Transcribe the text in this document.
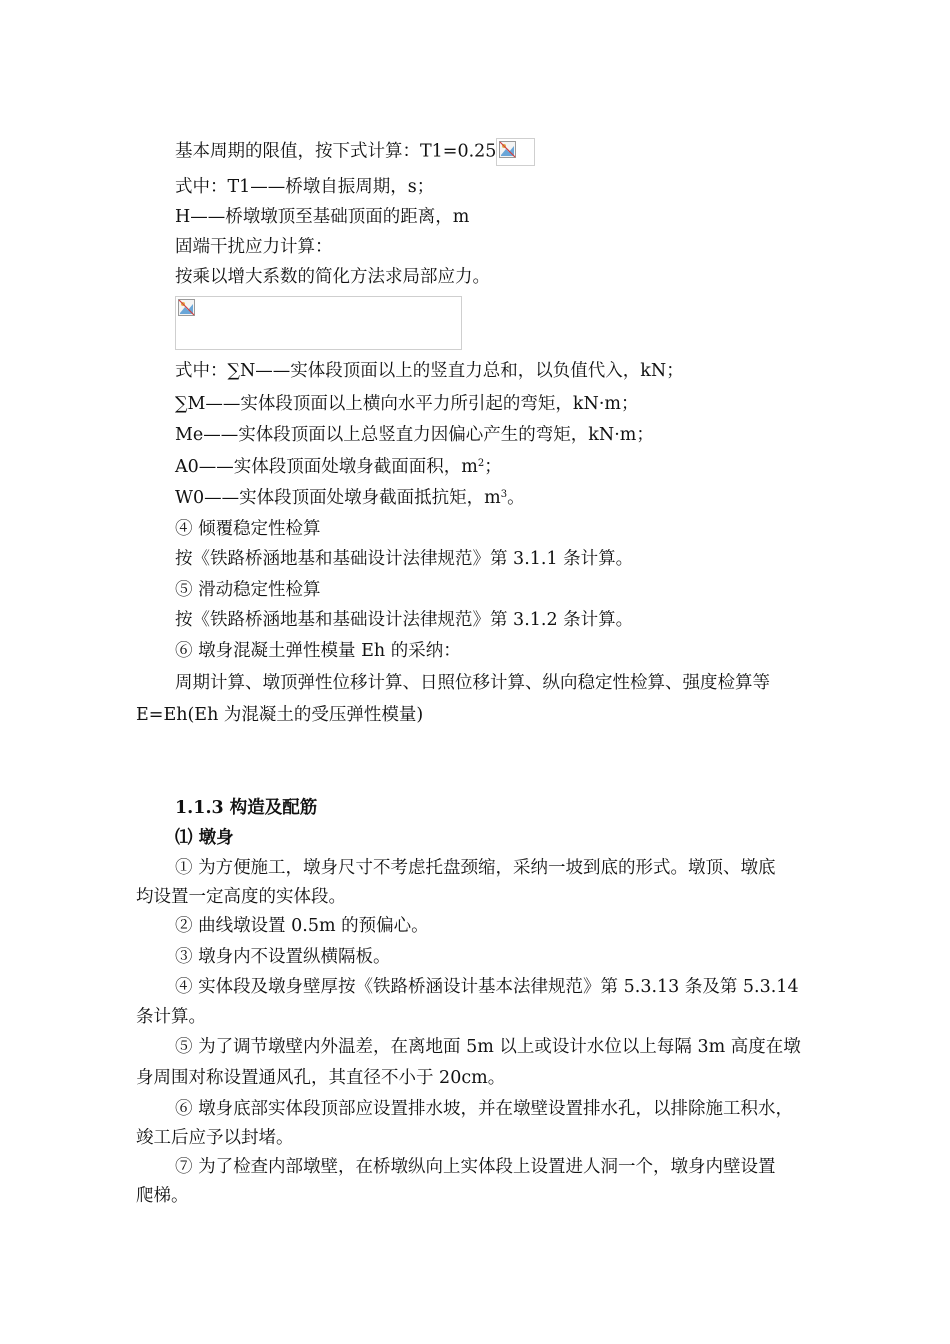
基本周期的限值，按下式计算：T1=0.25
式中：T1——桥墩自振周期，s；
H——桥墩墩顶至基础顶面的距离，m
固端干扰应力计算：
按乘以增大系数的简化方法求局部应力。
式中：∑N——实体段顶面以上的竖直力总和，以负值代入，kN；
∑M——实体段顶面以上横向水平力所引起的弯矩，kN·m；
Me——实体段顶面以上总竖直力因偏心产生的弯矩，kN·m；
A0——实体段顶面处墩身截面面积，$m^2$；
W0——实体段顶面处墩身截面抵抗矩，$m^3$。
④ 倾覆稳定性检算
按《铁路桥涵地基和基础设计法律规范》第 3.1.1 条计算。
⑤ 滑动稳定性检算
按《铁路桥涵地基和基础设计法律规范》第 3.1.2 条计算。
⑥ 墩身混凝土弹性模量 Eh 的采纳：
周期计算、墩顶弹性位移计算、日照位移计算、纵向稳定性检算、强度检算等
E=Eh(Eh 为混凝土的受压弹性模量)
1.1.3 构造及配筋
⑴ 墩身
① 为方便施工，墩身尺寸不考虑托盘颈缩，采纳一坡到底的形式。墩顶、墩底
均设置一定高度的实体段。
② 曲线墩设置 0.5m 的预偏心。
③ 墩身内不设置纵横隔板。
④ 实体段及墩身壁厚按《铁路桥涵设计基本法律规范》第 5.3.13 条及第 5.3.14
条计算。
⑤ 为了调节墩壁内外温差，在离地面 5m 以上或设计水位以上每隔 3m 高度在墩
身周围对称设置通风孔，其直径不小于 20cm。
⑥ 墩身底部实体段顶部应设置排水坡，并在墩壁设置排水孔，以排除施工积水，
竣工后应予以封堵。
⑦ 为了检查内部墩壁，在桥墩纵向上实体段上设置进人洞一个，墩身内壁设置
爬梯。
